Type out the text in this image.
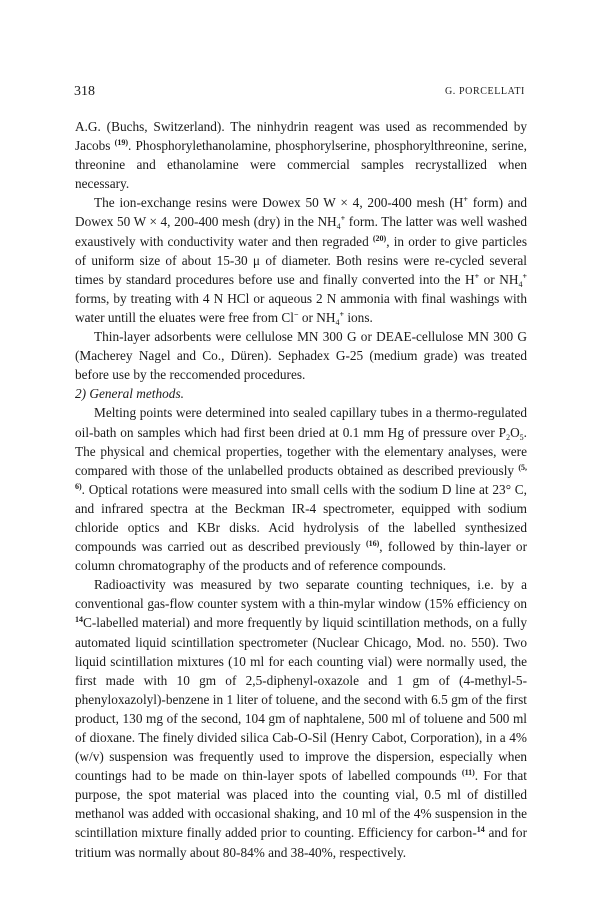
318	G. PORCELLATI

A.G. (Buchs, Switzerland). The ninhydrin reagent was used as recommended by Jacobs $^{(19)}$. Phosphorylethanolamine, phosphorylserine, phosphorylthreonine, serine, threonine and ethanolamine were commercial samples recrystallized when necessary.

The ion-exchange resins were Dowex 50 W × 4, 200-400 mesh (H+ form) and Dowex 50 W × 4, 200-400 mesh (dry) in the $NH_4^+$ form. The latter was well washed exaustively with conductivity water and then regraded $^{(20)}$, in order to give particles of uniform size of about 15-30 μ of diameter. Both resins were re-cycled several times by standard procedures before use and finally converted into the H+ or $NH_4^+$ forms, by treating with 4 N HCl or aqueous 2 N ammonia with final washings with water untill the eluates were free from Cl− or $NH_4^+$ ions.

Thin-layer adsorbents were cellulose MN 300 G or DEAE-cellulose MN 300 G (Macherey Nagel and Co., Düren). Sephadex G-25 (medium grade) was treated before use by the reccomended procedures.

2) General methods.

Melting points were determined into sealed capillary tubes in a thermo-regulated oil-bath on samples which had first been dried at 0.1 mm Hg of pressure over $P_2O_5$. The physical and chemical properties, together with the elementary analyses, were compared with those of the unlabelled products obtained as described previously $^{(5, 6)}$. Optical rotations were measured into small cells with the sodium D line at 23° C, and infrared spectra at the Beckman IR-4 spectrometer, equipped with sodium chloride optics and KBr disks. Acid hydrolysis of the labelled synthesized compounds was carried out as described previously $^{(16)}$, followed by thin-layer or column chromatography of the products and of reference compounds.

Radioactivity was measured by two separate counting techniques, i.e. by a conventional gas-flow counter system with a thin-mylar window (15% efficiency on $^{14}$C-labelled material) and more frequently by liquid scintillation methods, on a fully automated liquid scintillation spectrometer (Nuclear Chicago, Mod. no. 550). Two liquid scintillation mixtures (10 ml for each counting vial) were normally used, the first made with 10 gm of 2,5-diphenyl-oxazole and 1 gm of (4-methyl-5-phenyloxazolyl)-benzene in 1 liter of toluene, and the second with 6.5 gm of the first product, 130 mg of the second, 104 gm of naphtalene, 500 ml of toluene and 500 ml of dioxane. The finely divided silica Cab-O-Sil (Henry Cabot, Corporation), in a 4% (w/v) suspension was frequently used to improve the dispersion, especially when countings had to be made on thin-layer spots of labelled compounds $^{(11)}$. For that purpose, the spot material was placed into the counting vial, 0.5 ml of distilled methanol was added with occasional shaking, and 10 ml of the 4% suspension in the scintillation mixture finally added prior to counting. Efficiency for carbon-$^{14}$ and for tritium was normally about 80-84% and 38-40%, respectively.
